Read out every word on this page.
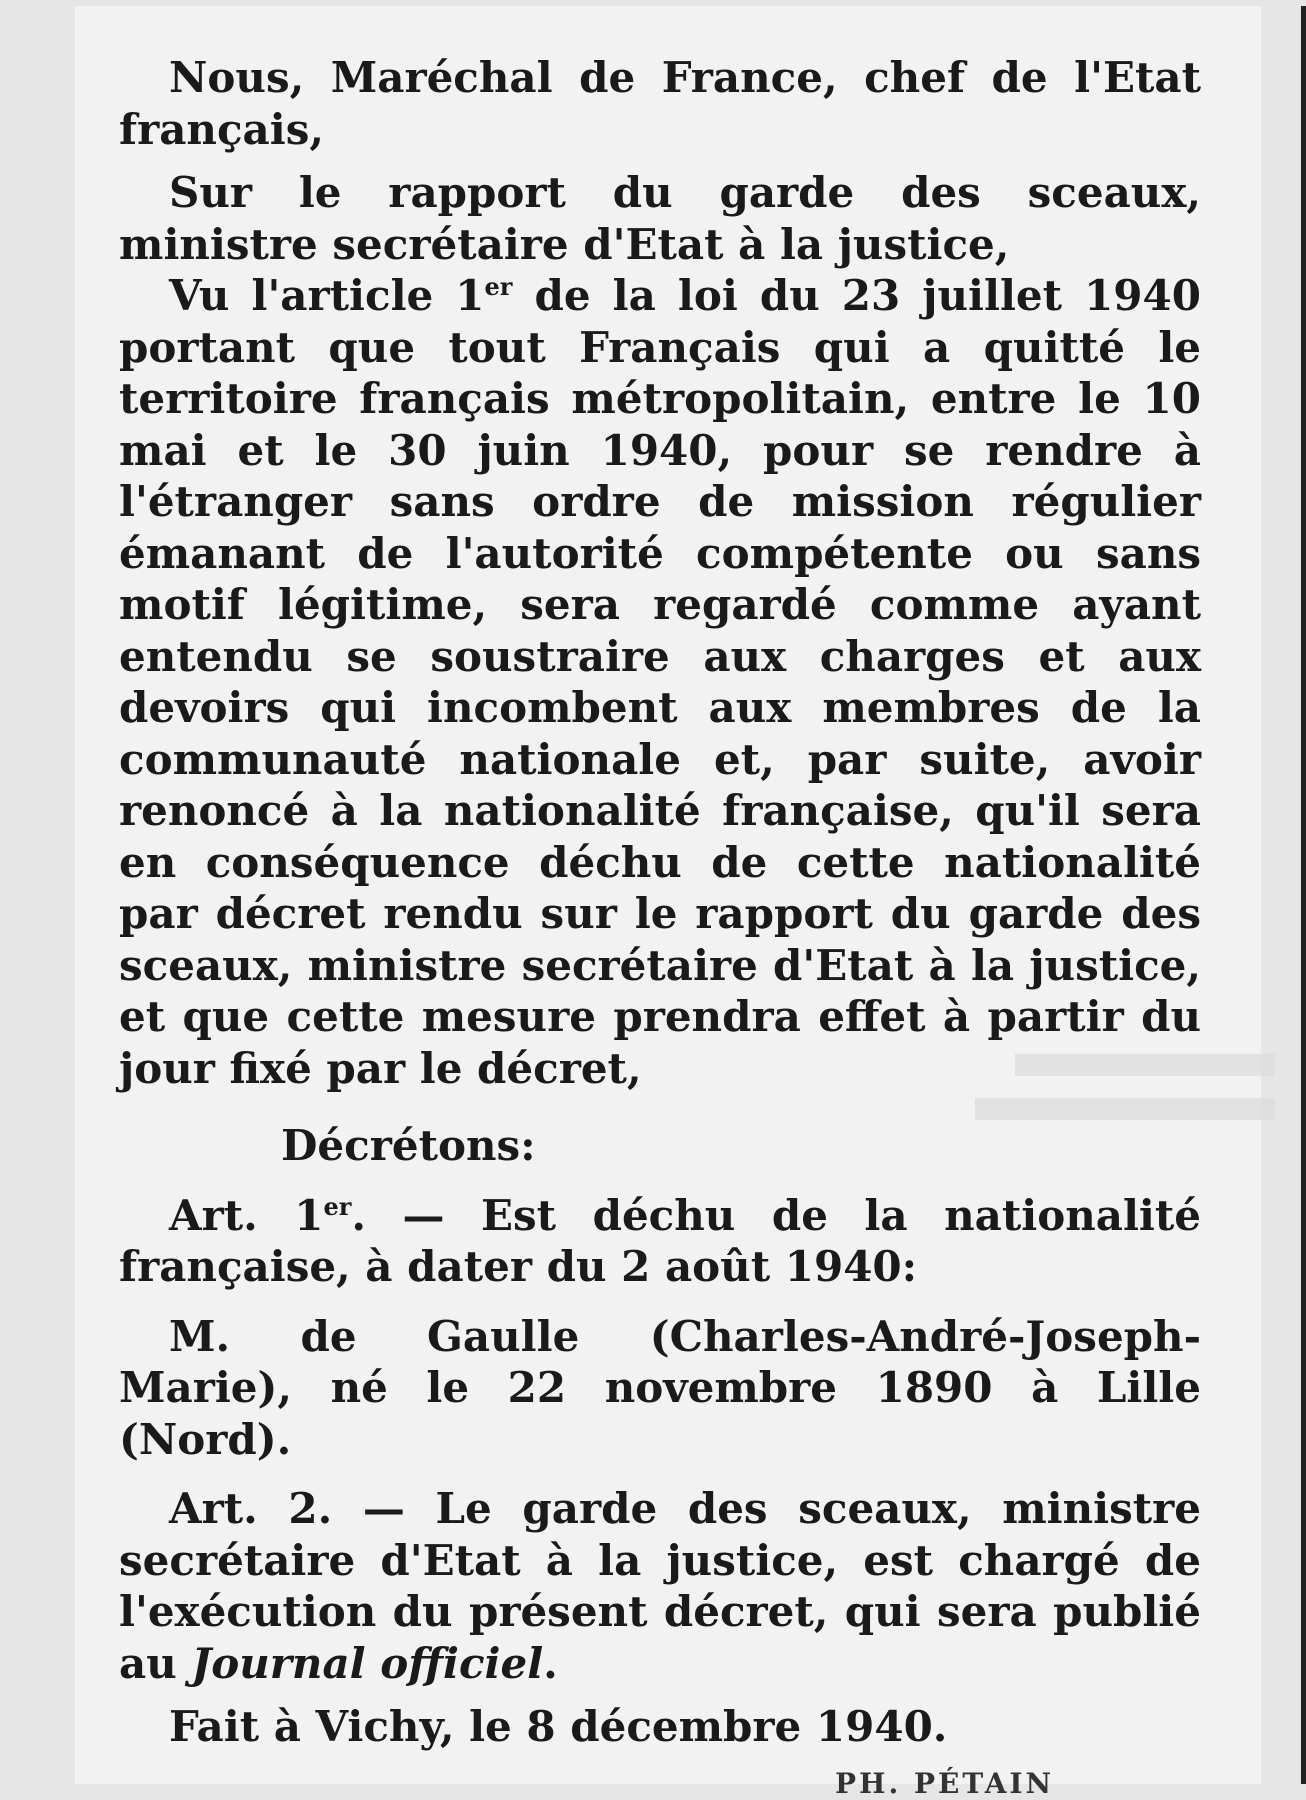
Nous, Maréchal de France, chef de l'Etat français,

Sur le rapport du garde des sceaux, ministre secrétaire d'Etat à la justice,

Vu l'article 1er de la loi du 23 juillet 1940 portant que tout Français qui a quitté le territoire français métropolitain, entre le 10 mai et le 30 juin 1940, pour se rendre à l'étranger sans ordre de mission régulier émanant de l'autorité compétente ou sans motif légitime, sera regardé comme ayant entendu se soustraire aux charges et aux devoirs qui incombent aux membres de la communauté nationale et, par suite, avoir renoncé à la nationalité française, qu'il sera en conséquence déchu de cette nationalité par décret rendu sur le rapport du garde des sceaux, ministre secrétaire d'Etat à la justice, et que cette mesure prendra effet à partir du jour fixé par le décret,

Décrétons:

Art. 1er. — Est déchu de la nationalité française, à dater du 2 août 1940:

M. de Gaulle (Charles-André-Joseph-Marie), né le 22 novembre 1890 à Lille (Nord).

Art. 2. — Le garde des sceaux, ministre secrétaire d'Etat à la justice, est chargé de l'exécution du présent décret, qui sera publié au Journal officiel.

Fait à Vichy, le 8 décembre 1940.

PH. PÉTAIN
